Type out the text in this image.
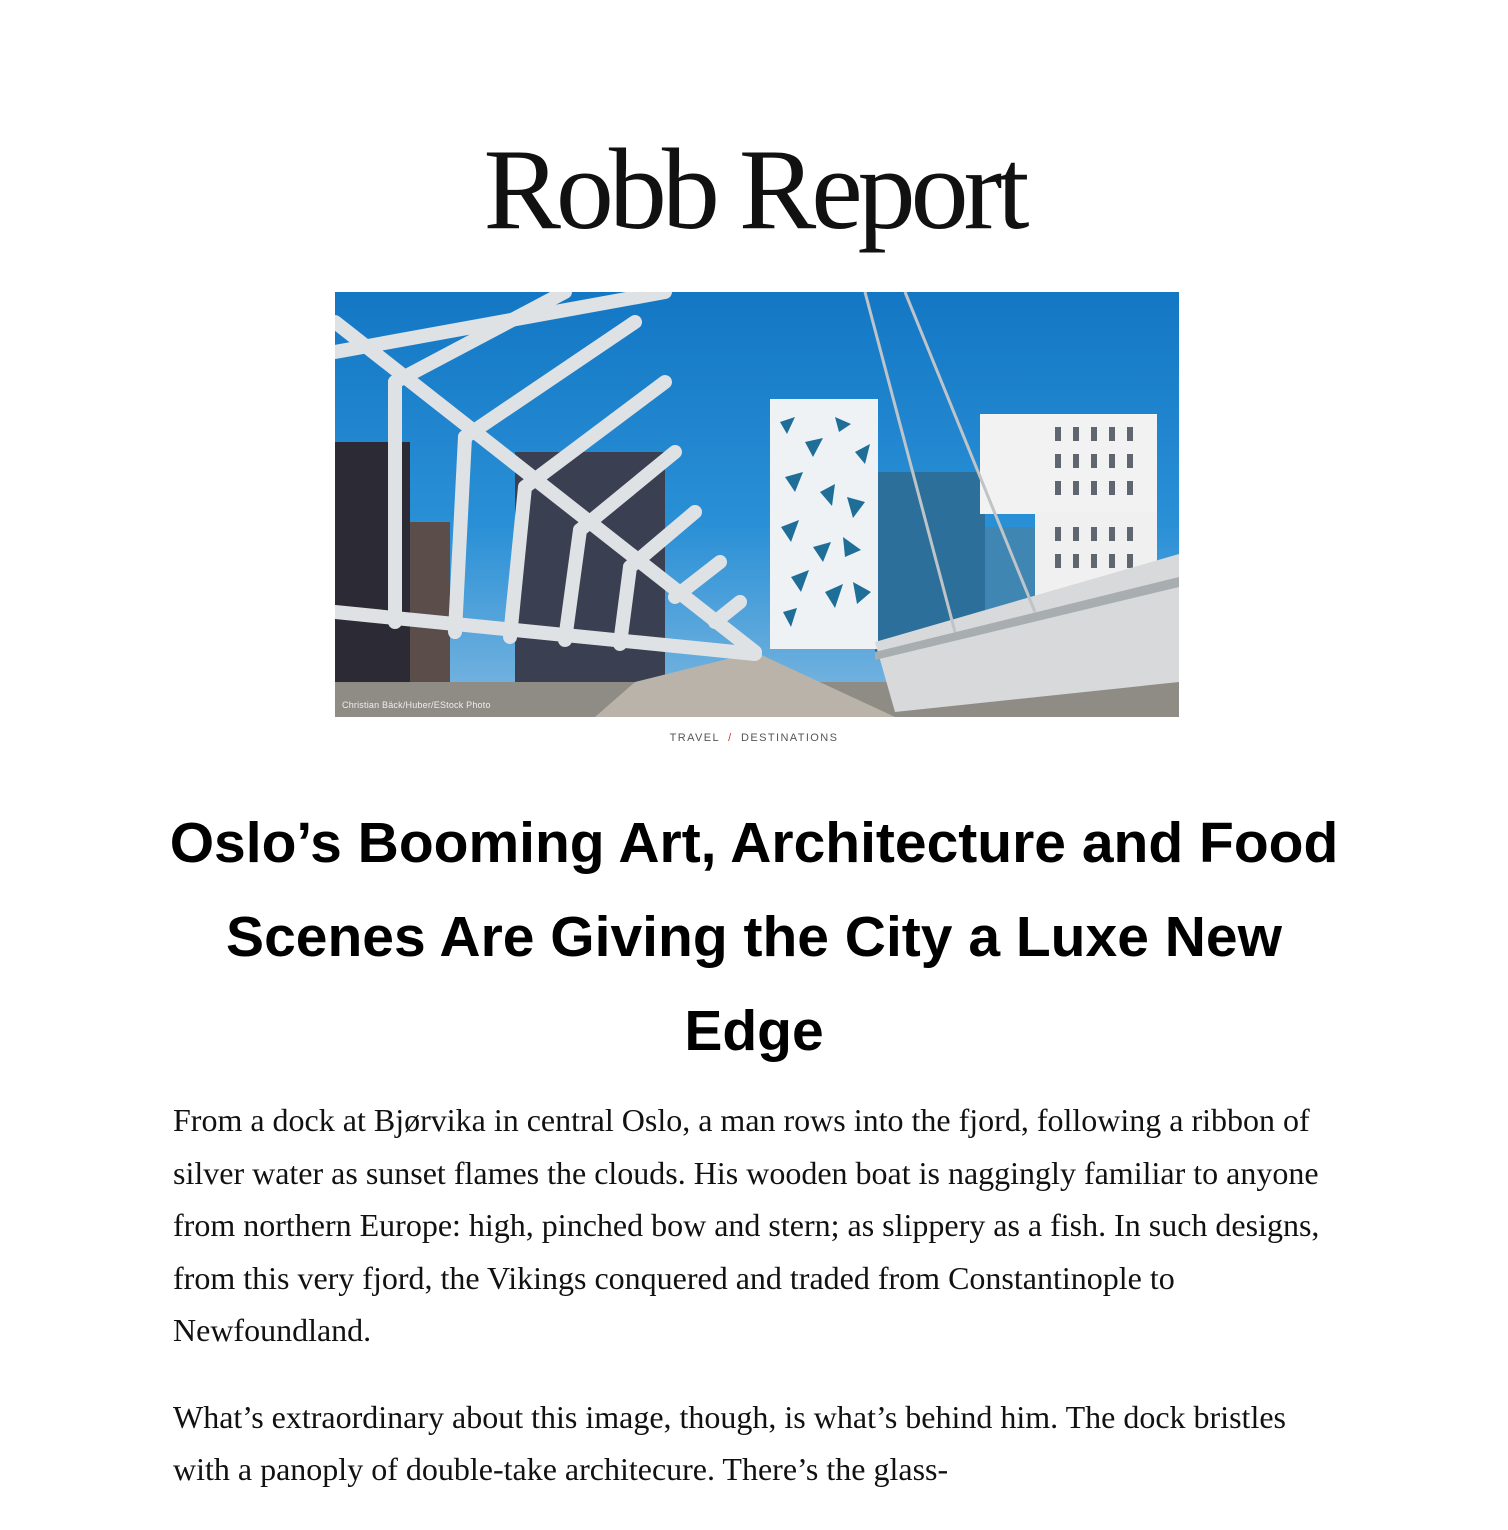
Robb Report
Christian Bäck/Huber/EStock Photo
TRAVEL / DESTINATIONS
Oslo’s Booming Art, Architecture and Food Scenes Are Giving the City a Luxe New Edge

From a dock at Bjørvika in central Oslo, a man rows into the fjord, following a ribbon of silver water as sunset flames the clouds. His wooden boat is naggingly familiar to anyone from northern Europe: high, pinched bow and stern; as slippery as a fish. In such designs, from this very fjord, the Vikings conquered and traded from Constantinople to Newfoundland.

What’s extraordinary about this image, though, is what’s behind him. The dock bristles with a panoply of double-take architecure. There’s the glass-
